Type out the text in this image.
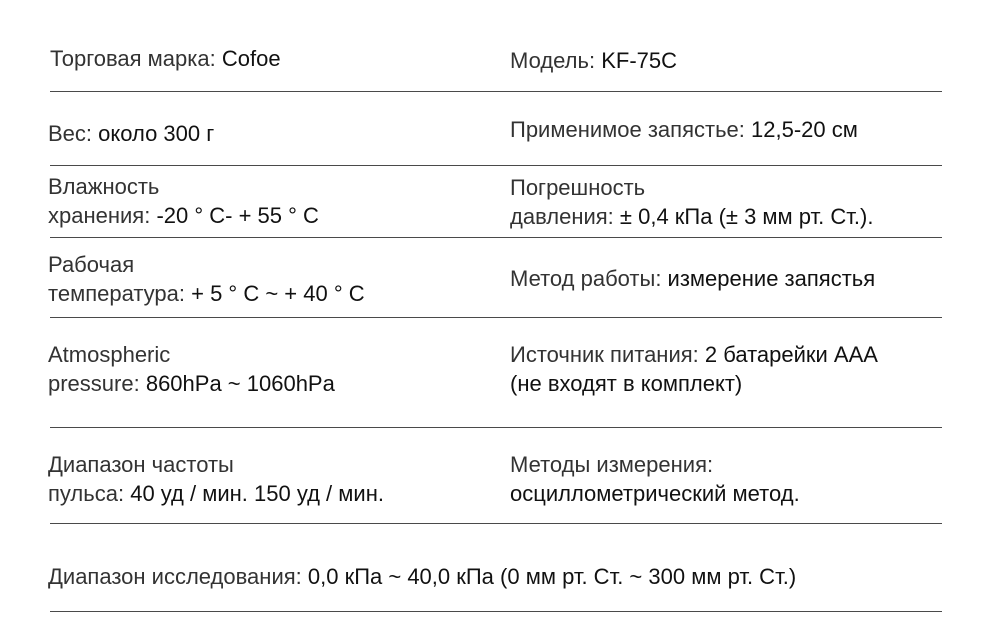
Торговая марка: Cofoe	Модель: KF-75C
Вес: около 300 г	Применимое запястье: 12,5-20 см
Влажность
хранения: -20 ° C- + 55 ° C
Погрешность
давления: ± 0,4 кПа (± 3 мм рт. Ст.).
Рабочая
температура: + 5 ° C ~ + 40 ° C
Метод работы: измерение запястья
Atmospheric
pressure: 860hPa ~ 1060hPa
Источник питания: 2 батарейки AAA
(не входят в комплект)
Диапазон частоты
пульса: 40 уд / мин. 150 уд / мин.
Методы измерения:
осциллометрический метод.
Диапазон исследования: 0,0 кПа ~ 40,0 кПа (0 мм рт. Ст. ~ 300 мм рт. Ст.)
